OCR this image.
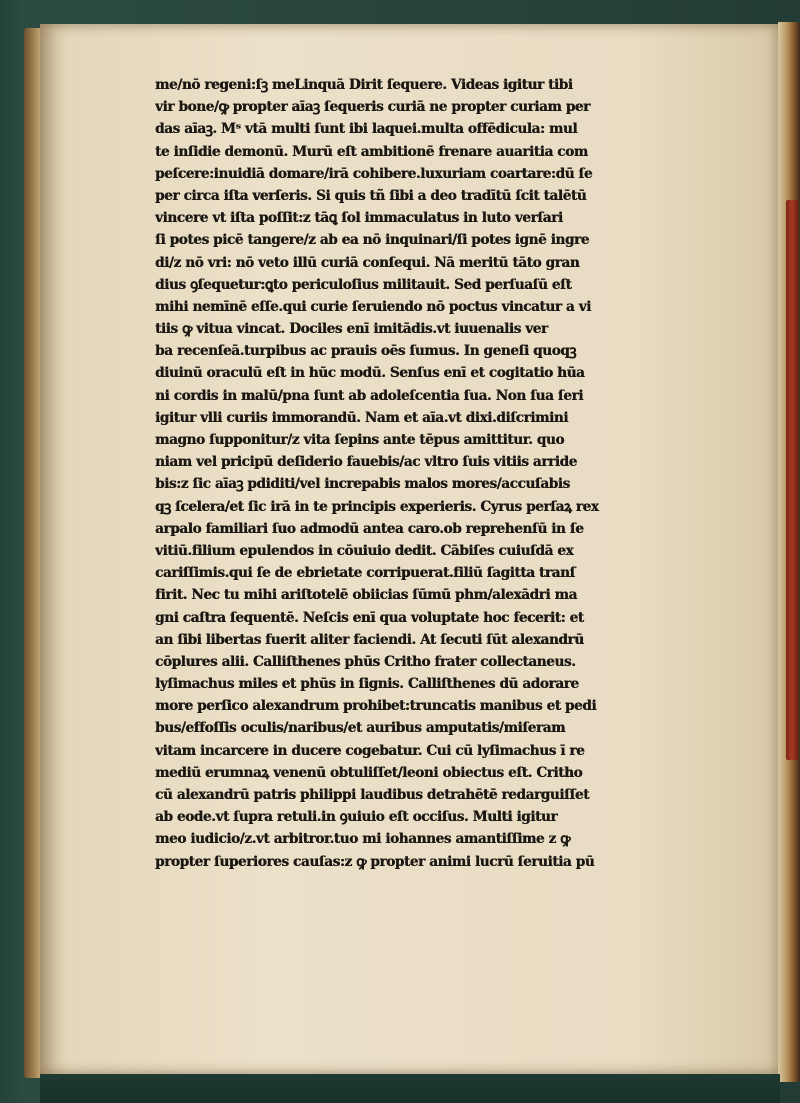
me/nō regeni:ſꝫ meLinquā Dirit ſequere. Videas igitur tibi
vir bone/ꝙ propter aīaꝫ ſequeris curiā ne propter curiam per
das aīaꝫ. Mˢ vtā multi ſunt ibi laquei.multa offēdicula: mul
te inſidie demonū. Murū eſt ambitionē frenare auaritia com
peſcere:inuidiā domare/irā cohibere.luxuriam coartare:dū ſe
per circa iſta verſeris. Si quis tñ ſibi a deo tradītū ſcit talētū
vincere vt iſta poſſit:z tāꝗ ſol immaculatus in luto verſari
ſi potes picē tangere/z ab ea nō inquinari/ſi potes ignē ingre
di/z nō vri: nō veto illū curiā conſequi. Nā meritū tāto gran
dius ꝯſequetur:ꝗto periculoſius militauit. Sed perſuaſū eſt
mihi nemīnē eſſe.qui curie ſeruiendo nō poctus vincatur a vi
tiis ꝙ vitua vincat. Dociles enī imitādis.vt iuuenalis ver
ba recenſeā.turpibus ac prauis oēs ſumus. In geneſi quoqꝫ
diuinū oraculū eſt in hūc modū. Senſus enī et cogitatio hūa
ni cordis in malū/pna ſunt ab adoleſcentia ſua. Non ſua ſeri
igitur vlli curiis immorandū. Nam et aīa.vt dixi.diſcrimini
magno ſupponitur/z vita ſepins ante tēpus amittitur. quo
niam vel pricipū deſiderio fauebis/ac vltro ſuis vitiis arride
bis:z ſic aīaꝫ pdiditi/vel increpabis malos mores/accuſabis
qꝫ ſcelera/et ſic irā in te principis experieris. Cyrus perſaꝝ rex
arpalo familiari ſuo admodū antea caro.ob reprehenſū in ſe
vitiū.filium epulendos in cōuiuio dedit. Cābiſes cuiuſdā ex
cariſſimis.qui ſe de ebrietate corripuerat.filiū ſagitta tranſ
firit. Nec tu mihi ariſtotelē obiicias ſūmū phm/alexādri ma
gni caſtra ſequentē. Neſcis enī qua voluptate hoc fecerit: et
an ſibi libertas fuerit aliter faciendi. At ſecuti ſūt alexandrū
cōplures alii. Calliſthenes phūs Critho frater collectaneus.
lyſimachus miles et phūs in ſignis. Calliſthenes dū adorare
more perſico alexandrum prohibet:truncatis manibus et pedi
bus/effoſſis oculis/naribus/et auribus amputatis/miſeram
vitam incarcere in ducere cogebatur. Cui cū lyſimachus ī re
mediū erumnaꝝ venenū obtuliſſet/leoni obiectus eſt. Critho
cū alexandrū patris philippi laudibus detrahētē redarguiſſet
ab eode.vt ſupra retuli.in ꝯuiuio eſt occiſus. Multi igitur
meo iudicio/z.vt arbitror.tuo mi iohannes amantiſſime z ꝙ
propter ſuperiores cauſas:z ꝙ propter animi lucrū ſeruitia pū
